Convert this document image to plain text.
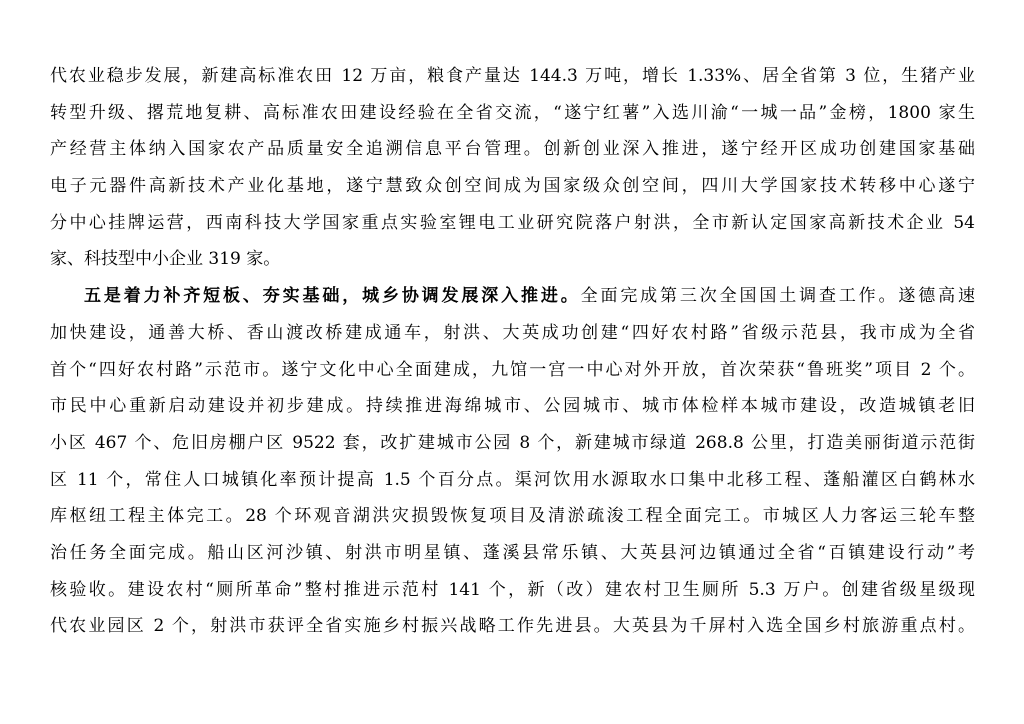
代农业稳步发展，新建高标准农田 12 万亩，粮食产量达 144.3 万吨，增长 1.33%、居全省第 3 位，生猪产业
转型升级、撂荒地复耕、高标准农田建设经验在全省交流，“遂宁红薯”入选川渝“一城一品”金榜，1800 家生
产经营主体纳入国家农产品质量安全追溯信息平台管理。创新创业深入推进，遂宁经开区成功创建国家基础
电子元器件高新技术产业化基地，遂宁慧致众创空间成为国家级众创空间，四川大学国家技术转移中心遂宁
分中心挂牌运营，西南科技大学国家重点实验室锂电工业研究院落户射洪，全市新认定国家高新技术企业 54
家、科技型中小企业 319 家。
五是着力补齐短板、夯实基础，城乡协调发展深入推进。全面完成第三次全国国土调查工作。遂德高速
加快建设，通善大桥、香山渡改桥建成通车，射洪、大英成功创建“四好农村路”省级示范县，我市成为全省
首个“四好农村路”示范市。遂宁文化中心全面建成，九馆一宫一中心对外开放，首次荣获“鲁班奖”项目 2 个。
市民中心重新启动建设并初步建成。持续推进海绵城市、公园城市、城市体检样本城市建设，改造城镇老旧
小区 467 个、危旧房棚户区 9522 套，改扩建城市公园 8 个，新建城市绿道 268.8 公里，打造美丽街道示范街
区 11 个，常住人口城镇化率预计提高 1.5 个百分点。渠河饮用水源取水口集中北移工程、蓬船灌区白鹤林水
库枢纽工程主体完工。28 个环观音湖洪灾损毁恢复项目及清淤疏浚工程全面完工。市城区人力客运三轮车整
治任务全面完成。船山区河沙镇、射洪市明星镇、蓬溪县常乐镇、大英县河边镇通过全省“百镇建设行动”考
核验收。建设农村“厕所革命”整村推进示范村 141 个，新（改）建农村卫生厕所 5.3 万户。创建省级星级现
代农业园区 2 个，射洪市获评全省实施乡村振兴战略工作先进县。大英县为千屏村入选全国乡村旅游重点村。
